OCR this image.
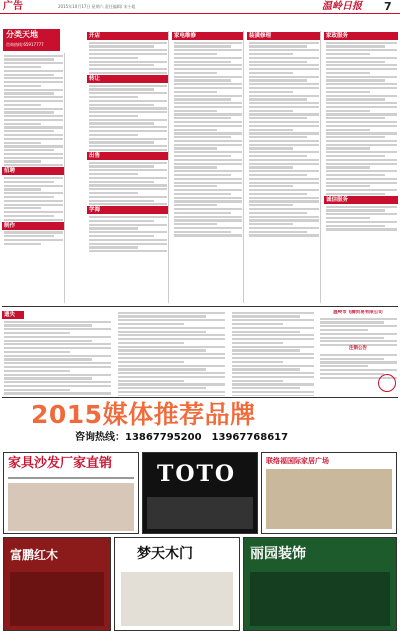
广告	2015年10月17日 星期六 责任编辑/ 宋小姐	温岭日报 7
分类天地
咨询热线:65917777
招聘
制作
开店
转让
出售
学海
家电维修	装潢修理	家政服务
诚信服务
遗失	温岭市飞腾贸易有限公司
注销公告
2015媒体推荐品牌
咨询热线：13867795200　13967768617
家具沙发厂家直销	TOTO	联络福国际家居广场
富鹏红木	梦天木门	丽园装饰
